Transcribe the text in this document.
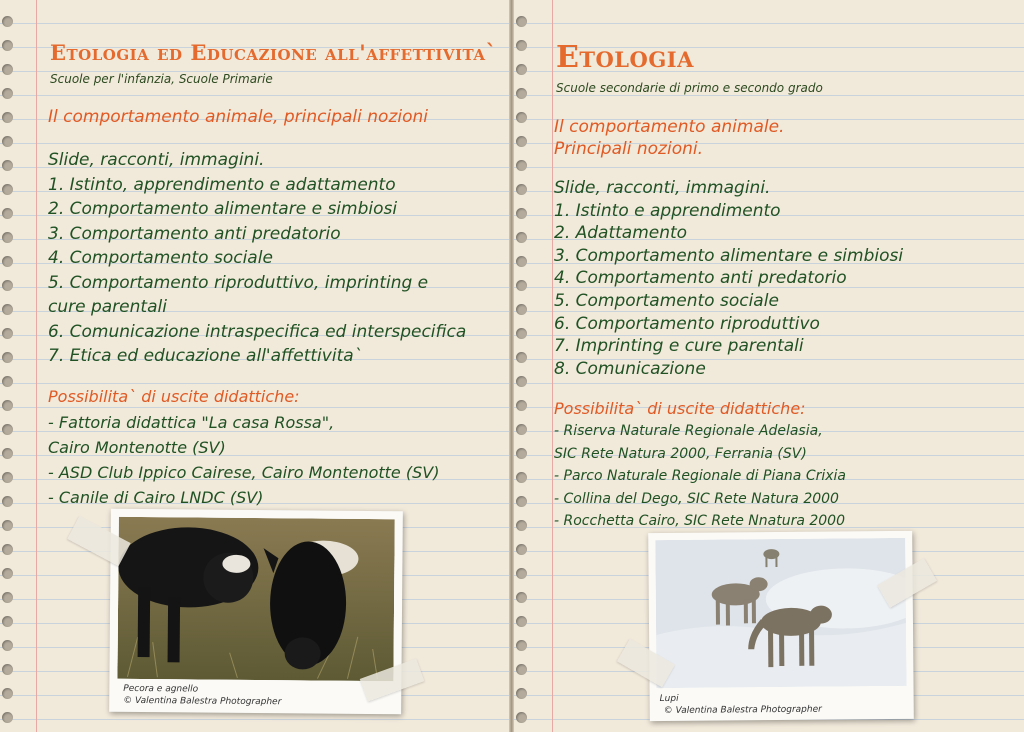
Etologia ed Educazione all'affettivita`
Scuole per l'infanzia, Scuole Primarie
Il comportamento animale, principali nozioni
Slide, racconti, immagini.
1. Istinto, apprendimento e adattamento
2. Comportamento alimentare e simbiosi
3. Comportamento anti predatorio
4. Comportamento sociale
5. Comportamento riproduttivo, imprinting e
cure parentali
6. Comunicazione intraspecifica ed interspecifica
7. Etica ed educazione all'affettivita`
Possibilita` di uscite didattiche:
- Fattoria didattica "La casa Rossa",
Cairo Montenotte (SV)
- ASD Club Ippico Cairese, Cairo Montenotte (SV)
- Canile di Cairo LNDC (SV)
Pecora e agnello
© Valentina Balestra Photographer
Etologia
Scuole secondarie di primo e secondo grado
Il comportamento animale.
Principali nozioni.
Slide, racconti, immagini.
1. Istinto e apprendimento
2. Adattamento
3. Comportamento alimentare e simbiosi
4. Comportamento anti predatorio
5. Comportamento sociale
6. Comportamento riproduttivo
7. Imprinting e cure parentali
8. Comunicazione
Possibilita` di uscite didattiche:
- Riserva Naturale Regionale Adelasia,
SIC Rete Natura 2000, Ferrania (SV)
- Parco Naturale Regionale di Piana Crixia
- Collina del Dego, SIC Rete Natura 2000
- Rocchetta Cairo, SIC Rete Nnatura 2000
Lupi
© Valentina Balestra Photographer
